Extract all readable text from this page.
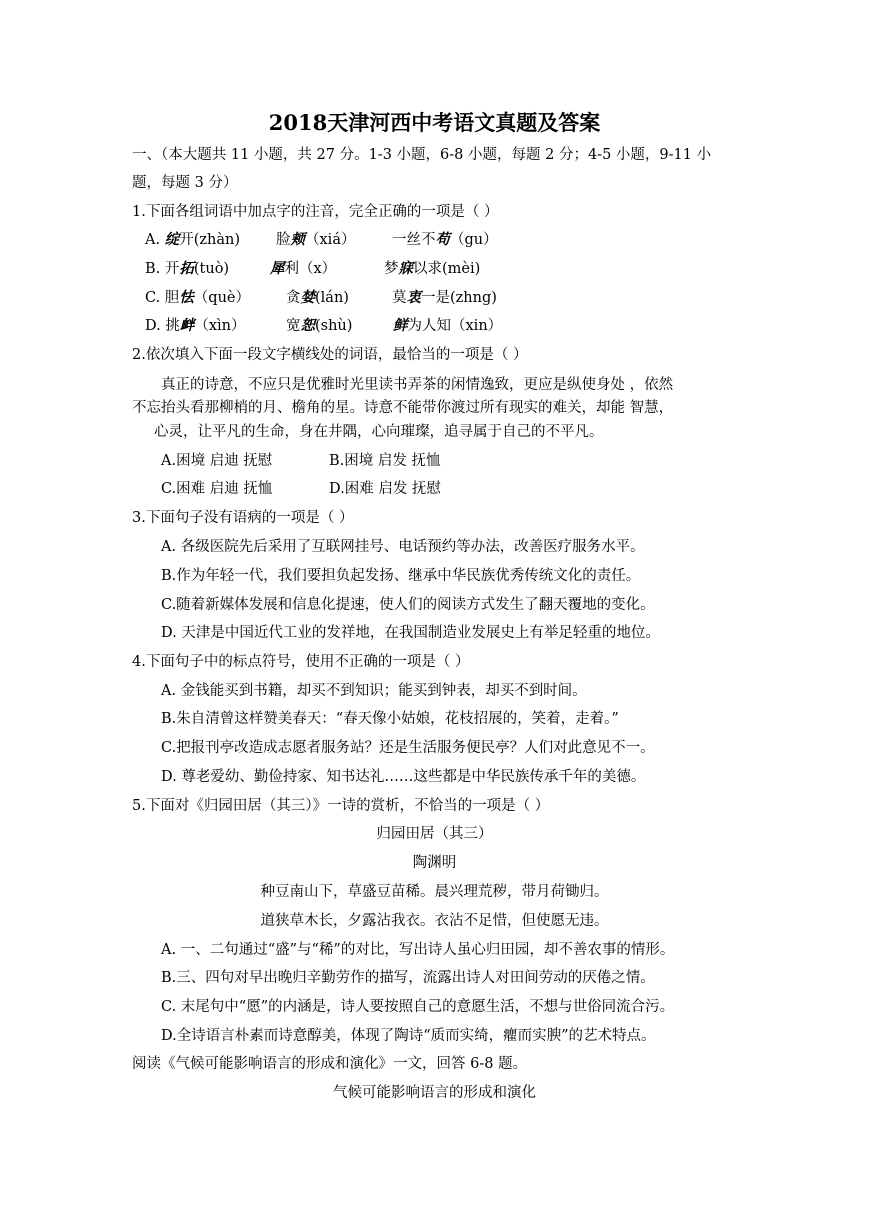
2018天津河西中考语文真题及答案
一、（本大题共 11 小题，共 27 分。1-3 小题，6-8 小题，每题 2 分；4-5 小题，9-11 小
题，每题 3 分）
1.下面各组词语中加点字的注音，完全正确的一项是（ ）
A. 绽开(zhàn) 脸颊（xiá）	一丝不苟（gu）
B. 开拓(tuò)	犀利（x）	梦寐以求(mèi)
C. 胆怯（què） 贪婪(lán)	莫衷一是(zhng)
D. 挑衅（xìn）	宽恕(shù)	鲜为人知（xin）
2.依次填入下面一段文字横线处的词语，最恰当的一项是（ ）
真正的诗意，不应只是优雅时光里读书弄茶的闲情逸致，更应是纵使身处 ，依然
不忘抬头看那柳梢的月、檐角的星。诗意不能带你渡过所有现实的难关，却能 智慧，
心灵，让平凡的生命，身在井隅，心向璀璨，追寻属于自己的不平凡。
A.困境 启迪 抚慰	B.困境 启发 抚恤
C.困难 启迪 抚恤	D.困难 启发 抚慰
3.下面句子没有语病的一项是（ ）
A. 各级医院先后采用了互联网挂号、电话预约等办法，改善医疗服务水平。
B.作为年轻一代，我们要担负起发扬、继承中华民族优秀传统文化的责任。
C.随着新媒体发展和信息化提速，使人们的阅读方式发生了翻天覆地的变化。
D. 天津是中国近代工业的发祥地，在我国制造业发展史上有举足轻重的地位。
4.下面句子中的标点符号，使用不正确的一项是（ ）
A. 金钱能买到书籍，却买不到知识；能买到钟表，却买不到时间。
B.朱自清曾这样赞美春天：“春天像小姑娘，花枝招展的，笑着，走着。”
C.把报刊亭改造成志愿者服务站？还是生活服务便民亭？人们对此意见不一。
D. 尊老爱幼、勤俭持家、知书达礼……这些都是中华民族传承千年的美德。
5.下面对《归园田居（其三）》一诗的赏析，不恰当的一项是（ ）
归园田居（其三）
陶渊明
种豆南山下，草盛豆苗稀。晨兴理荒秽，带月荷锄归。
道狭草木长，夕露沾我衣。衣沾不足惜，但使愿无违。
A. 一、二句通过“盛”与“稀”的对比，写出诗人虽心归田园，却不善农事的情形。
B.三、四句对早出晚归辛勤劳作的描写，流露出诗人对田间劳动的厌倦之情。
C. 末尾句中“愿”的内涵是，诗人要按照自己的意愿生活，不想与世俗同流合污。
D.全诗语言朴素而诗意醇美，体现了陶诗“质而实绮，癯而实腴”的艺术特点。
阅读《气候可能影响语言的形成和演化》一文，回答 6-8 题。
气候可能影响语言的形成和演化
